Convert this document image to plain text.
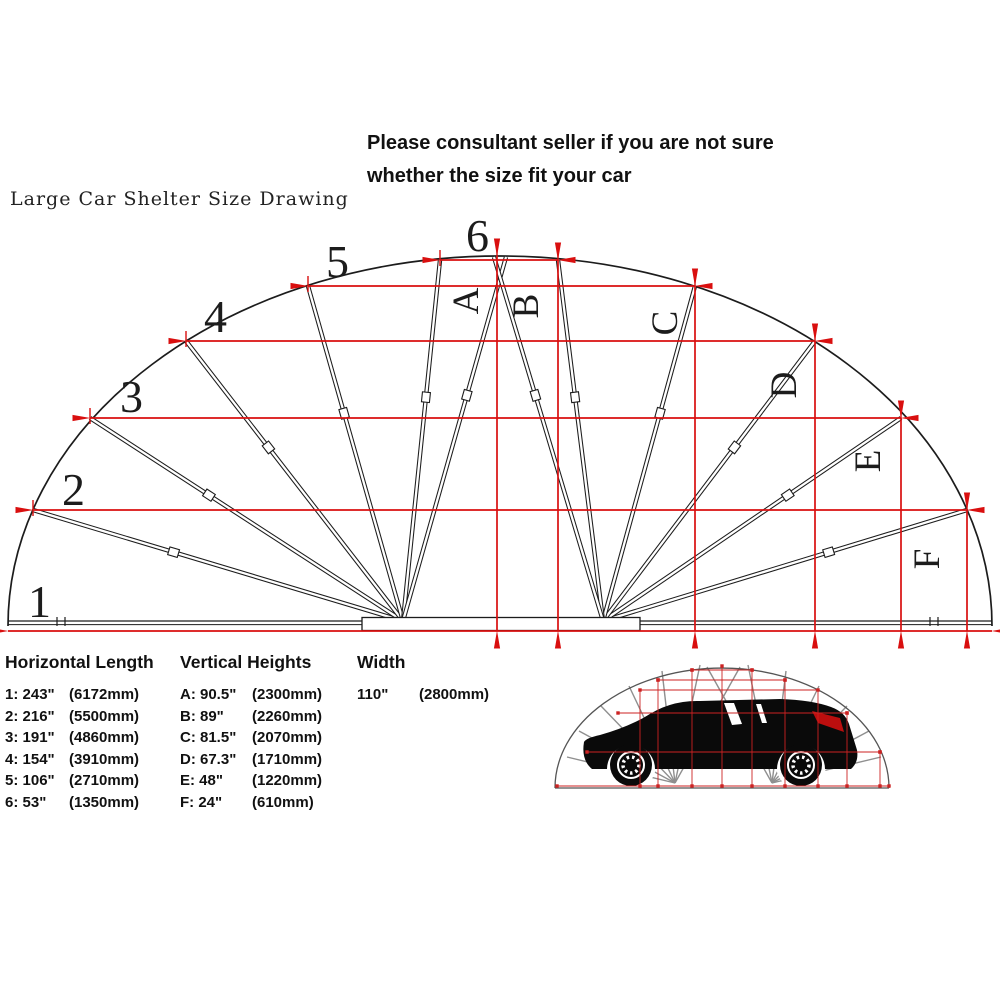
1
2
3
4
5
6
A B
C
D
E
F
Large Car Shelter Size Drawing
Please consultant seller if you are not sure
whether the size fit your car
Horizontal Length
1: 243" (6172mm)
2: 216" (5500mm)
3: 191" (4860mm)
4: 154" (3910mm)
5: 106" (2710mm)
6: 53"	(1350mm)
Vertical Heights
A: 90.5"	(2300mm)
B: 89"	(2260mm)
C: 81.5"	(2070mm)
D: 67.3"	(1710mm)
E: 48"	(1220mm)
F: 24"	(610mm)
Width
110"	(2800mm)
